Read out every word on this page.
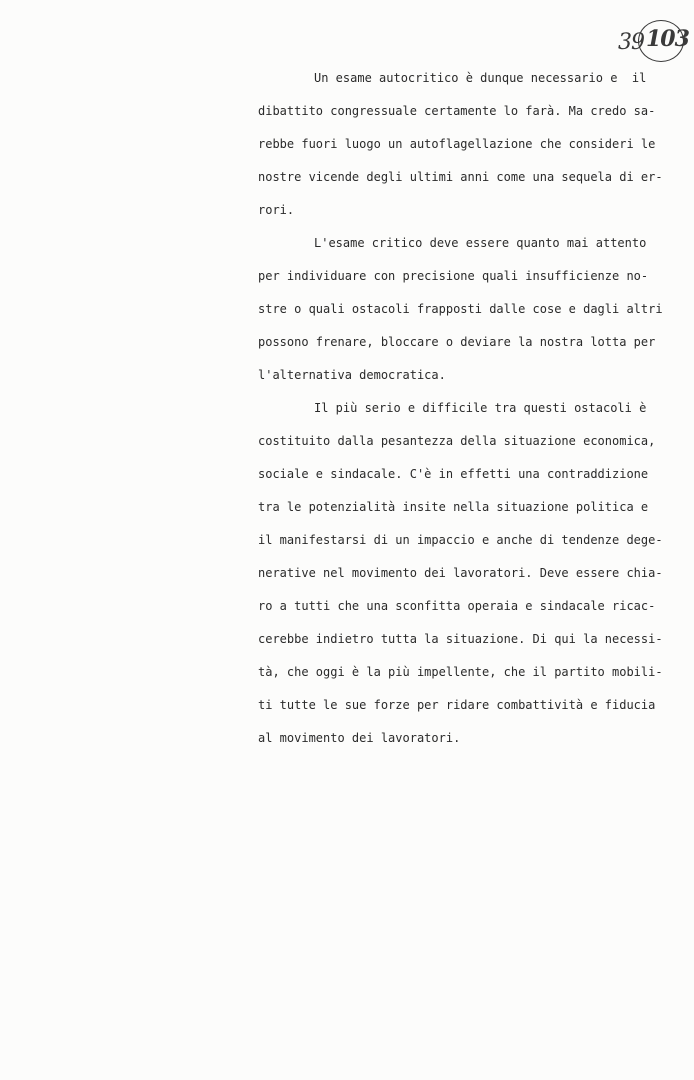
39 103
Un esame autocritico è dunque necessario e  il
dibattito congressuale certamente lo farà. Ma credo sa-
rebbe fuori luogo un autoflagellazione che consideri le
nostre vicende degli ultimi anni come una sequela di er-
rori.
L'esame critico deve essere quanto mai attento
per individuare con precisione quali insufficienze no-
stre o quali ostacoli frapposti dalle cose e dagli altri
possono frenare, bloccare o deviare la nostra lotta per
l'alternativa democratica.
Il più serio e difficile tra questi ostacoli è
costituito dalla pesantezza della situazione economica,
sociale e sindacale. C'è in effetti una contraddizione
tra le potenzialità insite nella situazione politica e
il manifestarsi di un impaccio e anche di tendenze dege-
nerative nel movimento dei lavoratori. Deve essere chia-
ro a tutti che una sconfitta operaia e sindacale ricac-
cerebbe indietro tutta la situazione. Di qui la necessi-
tà, che oggi è la più impellente, che il partito mobili-
ti tutte le sue forze per ridare combattività e fiducia
al movimento dei lavoratori.
